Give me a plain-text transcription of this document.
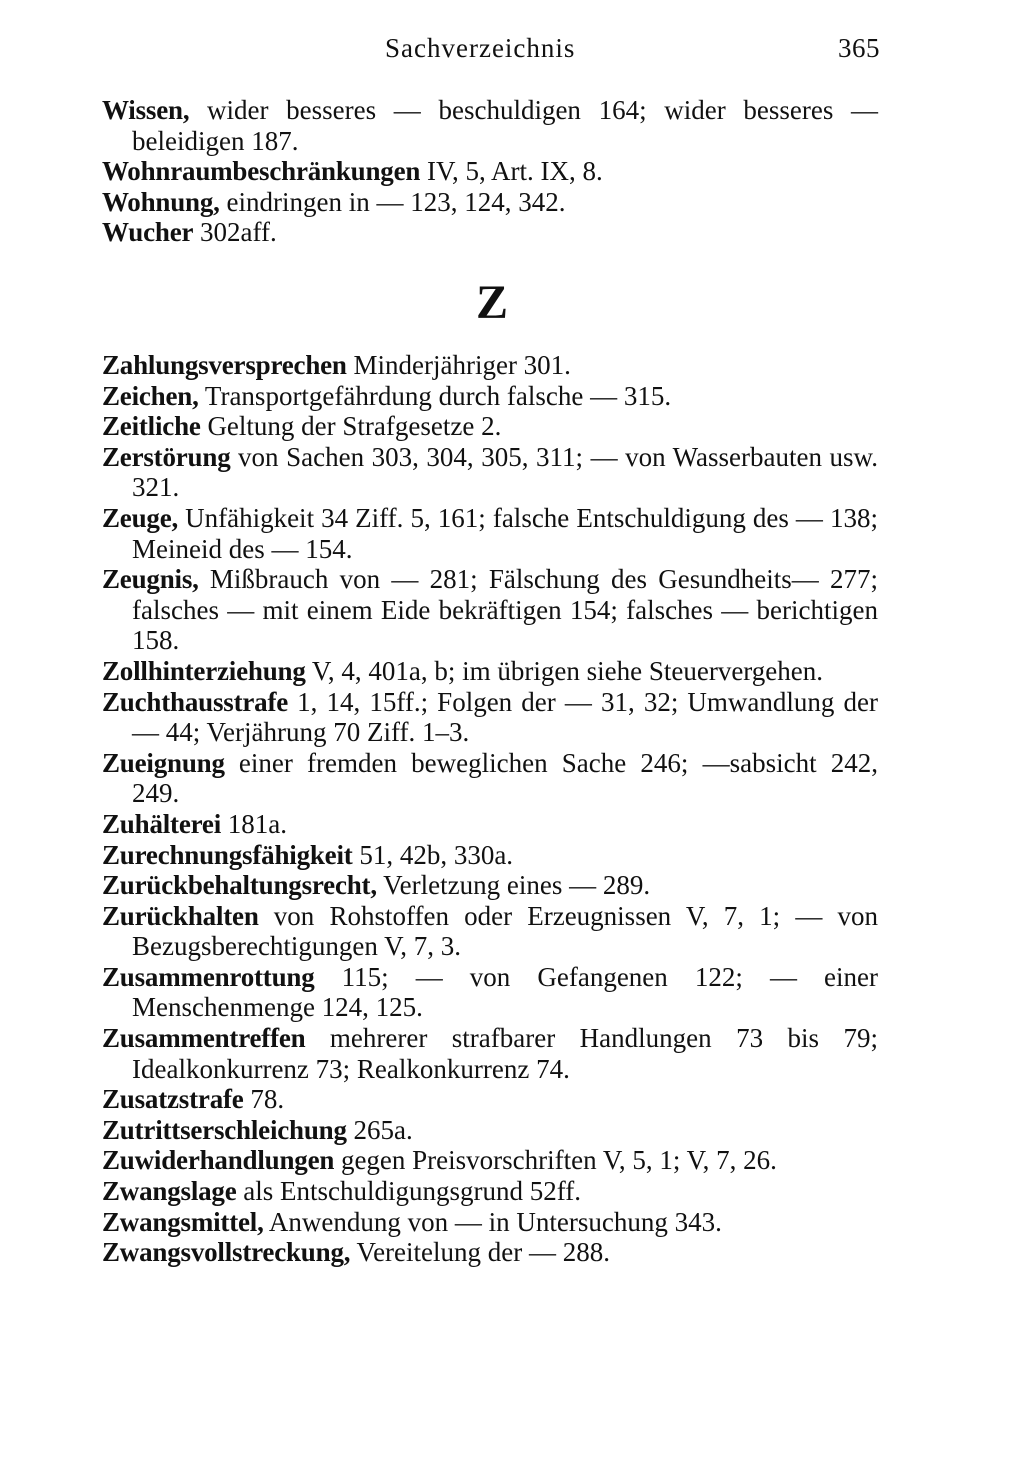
Sachverzeichnis	365
Wissen, wider besseres — beschuldigen 164; wider besseres — beleidigen 187.
Wohnraumbeschränkungen IV, 5, Art. IX, 8.
Wohnung, eindringen in — 123, 124, 342.
Wucher 302aff.
Z
Zahlungsversprechen Minderjähriger 301.
Zeichen, Transportgefährdung durch falsche — 315.
Zeitliche Geltung der Strafgesetze 2.
Zerstörung von Sachen 303, 304, 305, 311; — von Wasserbauten usw. 321.
Zeuge, Unfähigkeit 34 Ziff. 5, 161; falsche Entschuldigung des — 138; Meineid des — 154.
Zeugnis, Mißbrauch von — 281; Fälschung des Gesundheits— 277; falsches — mit einem Eide bekräftigen 154; falsches — berichtigen 158.
Zollhinterziehung V, 4, 401a, b; im übrigen siehe Steuervergehen.
Zuchthausstrafe 1, 14, 15ff.; Folgen der — 31, 32; Umwandlung der — 44; Verjährung 70 Ziff. 1–3.
Zueignung einer fremden beweglichen Sache 246; —sabsicht 242, 249.
Zuhälterei 181a.
Zurechnungsfähigkeit 51, 42b, 330a.
Zurückbehaltungsrecht, Verletzung eines — 289.
Zurückhalten von Rohstoffen oder Erzeugnissen V, 7, 1; — von Bezugsberechtigungen V, 7, 3.
Zusammenrottung 115; — von Gefangenen 122; — einer Menschenmenge 124, 125.
Zusammentreffen mehrerer strafbarer Handlungen 73 bis 79; Idealkonkurrenz 73; Realkonkurrenz 74.
Zusatzstrafe 78.
Zutrittserschleichung 265a.
Zuwiderhandlungen gegen Preisvorschriften V, 5, 1; V, 7, 26.
Zwangslage als Entschuldigungsgrund 52ff.
Zwangsmittel, Anwendung von — in Untersuchung 343.
Zwangsvollstreckung, Vereitelung der — 288.
